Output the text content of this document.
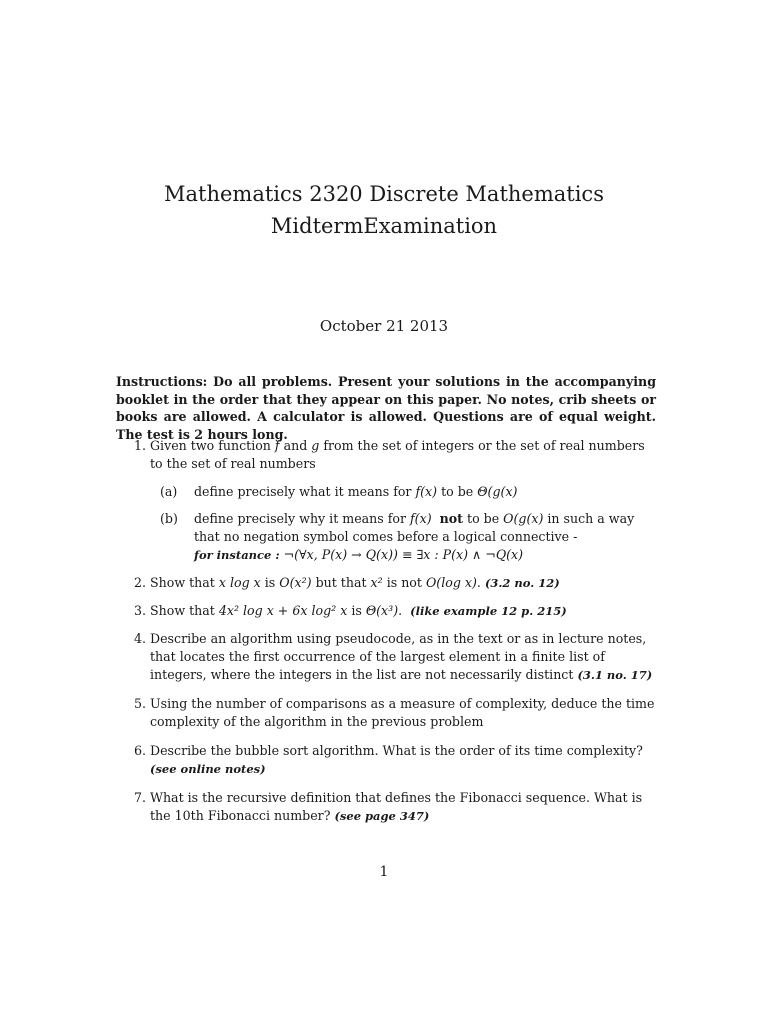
Mathematics 2320 Discrete Mathematics
MidtermExamination
October 21 2013
Instructions: Do all problems. Present your solutions in the accompanying booklet in the order that they appear on this paper. No notes, crib sheets or books are allowed. A calculator is allowed. Questions are of equal weight. The test is 2 hours long.
1. Given two function f and g from the set of integers or the set of real numbers to the set of real numbers
(a) define precisely what it means for f(x) to be Θ(g(x)
(b) define precisely why it means for f(x) not to be O(g(x) in such a way that no negation symbol comes before a logical connective -
for instance : ¬(∀x, P(x) → Q(x)) ≡ ∃x : P(x) ∧ ¬Q(x)
2. Show that x log x is O(x²) but that x² is not O(log x). (3.2 no. 12)
3. Show that 4x² log x + 6x log² x is Θ(x³). (like example 12 p. 215)
4. Describe an algorithm using pseudocode, as in the text or as in lecture notes, that locates the first occurrence of the largest element in a finite list of integers, where the integers in the list are not necessarily distinct (3.1 no. 17)
5. Using the number of comparisons as a measure of complexity, deduce the time complexity of the algorithm in the previous problem
6. Describe the bubble sort algorithm. What is the order of its time complexity? (see online notes)
7. What is the recursive definition that defines the Fibonacci sequence. What is the 10th Fibonacci number? (see page 347)
1
